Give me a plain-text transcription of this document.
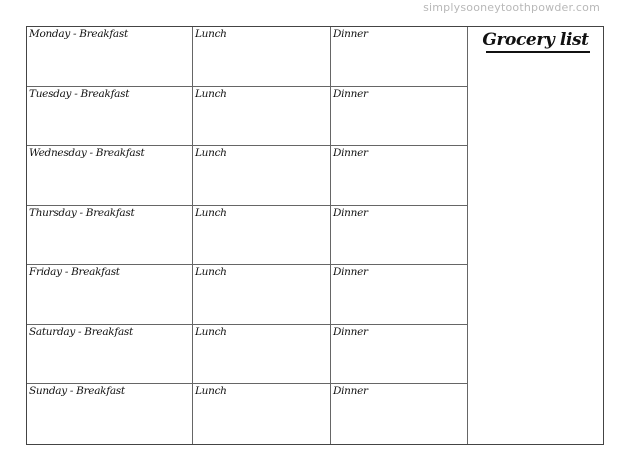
simplysooneytoothpowder.com
Monday - Breakfast	Lunch	Dinner
Tuesday - Breakfast	Lunch	Dinner
Wednesday - Breakfast	Lunch	Dinner
Thursday - Breakfast	Lunch	Dinner
Friday - Breakfast	Lunch	Dinner
Saturday - Breakfast	Lunch	Dinner
Sunday - Breakfast	Lunch	Dinner
Grocery list
